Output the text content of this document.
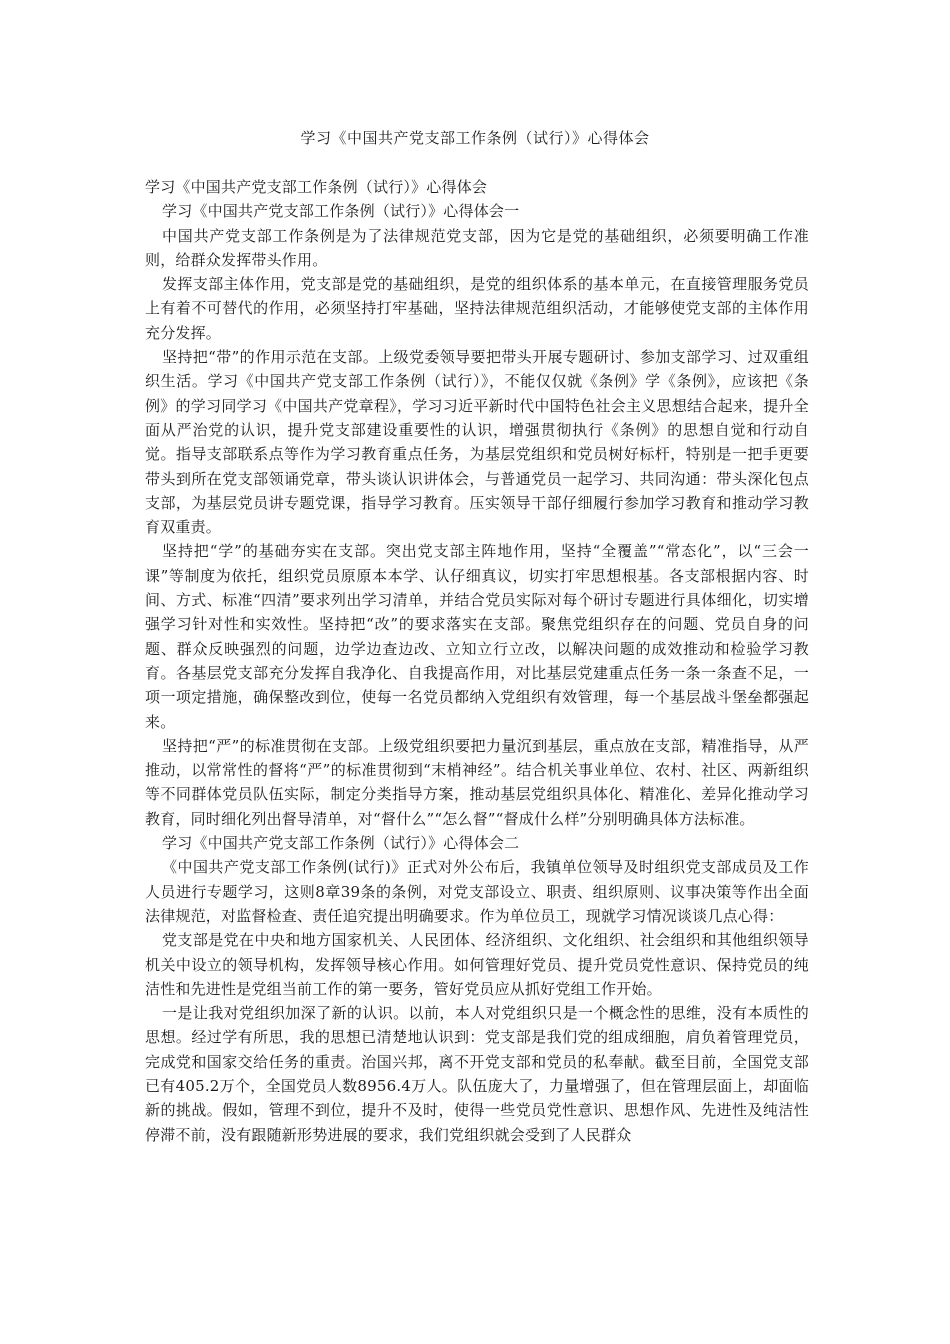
学习《中国共产党支部工作条例（试行）》心得体会

学习《中国共产党支部工作条例（试行）》心得体会

学习《中国共产党支部工作条例（试行）》心得体会一

中国共产党支部工作条例是为了法律规范党支部，因为它是党的基础组织，必须要明确工作准则，给群众发挥带头作用。

发挥支部主体作用，党支部是党的基础组织，是党的组织体系的基本单元，在直接管理服务党员上有着不可替代的作用，必须坚持打牢基础，坚持法律规范组织活动，才能够使党支部的主体作用充分发挥。

坚持把“带”的作用示范在支部。上级党委领导要把带头开展专题研讨、参加支部学习、过双重组织生活。学习《中国共产党支部工作条例（试行）》，不能仅仅就《条例》学《条例》，应该把《条例》的学习同学习《中国共产党章程》，学习习近平新时代中国特色社会主义思想结合起来，提升全面从严治党的认识，提升党支部建设重要性的认识，增强贯彻执行《条例》的思想自觉和行动自觉。指导支部联系点等作为学习教育重点任务，为基层党组织和党员树好标杆，特别是一把手更要带头到所在党支部领诵党章，带头谈认识讲体会，与普通党员一起学习、共同沟通：带头深化包点支部，为基层党员讲专题党课，指导学习教育。压实领导干部仔细履行参加学习教育和推动学习教育双重责。

坚持把“学”的基础夯实在支部。突出党支部主阵地作用，坚持“全覆盖”“常态化”，以“三会一课”等制度为依托，组织党员原原本本学、认仔细真议，切实打牢思想根基。各支部根据内容、时间、方式、标准“四清”要求列出学习清单，并结合党员实际对每个研讨专题进行具体细化，切实增强学习针对性和实效性。坚持把“改”的要求落实在支部。聚焦党组织存在的问题、党员自身的问题、群众反映强烈的问题，边学边查边改、立知立行立改，以解决问题的成效推动和检验学习教育。各基层党支部充分发挥自我净化、自我提高作用，对比基层党建重点任务一条一条查不足，一项一项定措施，确保整改到位，使每一名党员都纳入党组织有效管理，每一个基层战斗堡垒都强起来。

坚持把“严”的标准贯彻在支部。上级党组织要把力量沉到基层，重点放在支部，精准指导，从严推动，以常常性的督将“严”的标准贯彻到“末梢神经”。结合机关事业单位、农村、社区、两新组织等不同群体党员队伍实际，制定分类指导方案，推动基层党组织具体化、精准化、差异化推动学习教育，同时细化列出督导清单，对“督什么”“怎么督”“督成什么样”分别明确具体方法标准。

学习《中国共产党支部工作条例（试行）》心得体会二

《中国共产党支部工作条例(试行)》正式对外公布后，我镇单位领导及时组织党支部成员及工作人员进行专题学习，这则8章39条的条例，对党支部设立、职责、组织原则、议事决策等作出全面法律规范，对监督检查、责任追究提出明确要求。作为单位员工，现就学习情况谈谈几点心得：

党支部是党在中央和地方国家机关、人民团体、经济组织、文化组织、社会组织和其他组织领导机关中设立的领导机构，发挥领导核心作用。如何管理好党员、提升党员党性意识、保持党员的纯洁性和先进性是党组当前工作的第一要务，管好党员应从抓好党组工作开始。

一是让我对党组织加深了新的认识。以前，本人对党组织只是一个概念性的思维，没有本质性的思想。经过学有所思，我的思想已清楚地认识到：党支部是我们党的组成细胞，肩负着管理党员，完成党和国家交给任务的重责。治国兴邦，离不开党支部和党员的私奉献。截至目前，全国党支部已有405.2万个，全国党员人数8956.4万人。队伍庞大了，力量增强了，但在管理层面上，却面临新的挑战。假如，管理不到位，提升不及时，使得一些党员党性意识、思想作风、先进性及纯洁性停滞不前，没有跟随新形势进展的要求，我们党组织就会受到了人民群众
